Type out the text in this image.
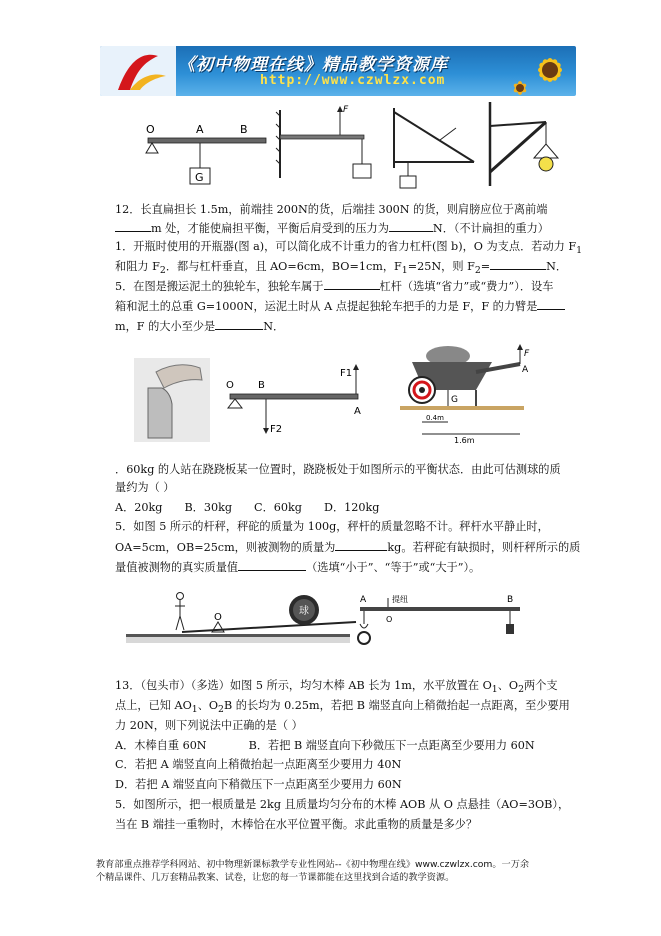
《初中物理在线》精品教学资源库
http://www.czwlzx.com
O	A	B
G
F
12．长直扁担长 1.5m，前端挂 200N的货，后端挂 300N 的货，则肩膀应位于离前端
m 处，才能使扁担平衡，平衡后肩受到的压力为	N．（不计扁担的重力）
1．开瓶时使用的开瓶器(图 a)，可以简化成不计重力的省力杠杆(图 b)，O 为支点．若动力 $F_1$
和阻力 $F_2$．都与杠杆垂直，且 AO=6cm，BO=1cm，$F_1=25N$，则 $F_2=$	N．
5．在图是搬运泥土的独轮车，独轮车属于	杠杆（选填“省力”或“费力”）．设车
箱和泥土的总重 G=1000N，运泥土时从 A 点提起独轮车把手的力是 F，F 的力臂是
m，F 的大小至少是	N．
O B
A
F1
F2
F
A
G
0.4m
1.6m
．60kg 的人站在跷跷板某一位置时，跷跷板处于如图所示的平衡状态．由此可估测球的质
量约为（ ）
A．20kg B．30kg C．60kg D．120kg
5．如图 5 所示的杆秤，秤砣的质量为 100g，秤杆的质量忽略不计。秤杆水平静止时，
OA=5cm，OB=25cm，则被测物的质量为	kg。若秤砣有缺损时，则杆秤所示的质
量值被测物的真实质量值	（选填“小于”、“等于”或“大于”）。
球
O
A	提纽
O
B
13．（包头市）（多选）如图 5 所示，均匀木棒 AB 长为 1m，水平放置在 $O_1$、$O_2$两个支
点上，已知 $AO_1$、$O_2B$ 的长均为 0.25m，若把 B 端竖直向上稍微抬起一点距离，至少要用
力 20N，则下列说法中正确的是（ ）
A．木棒自重 60N	B．若把 B 端竖直向下秒微压下一点距离至少要用力 60N
C．若把 A 端竖直向上稍微抬起一点距离至少要用力 40N
D．若把 A 端竖直向下稍微压下一点距离至少要用力 60N
5．如图所示，把一根质量是 2kg 且质量均匀分布的木棒 AOB 从 O 点悬挂（AO=3OB），
当在 B 端挂一重物时，木棒恰在水平位置平衡。求此重物的质量是多少？
教育部重点推荐学科网站、初中物理新课标教学专业性网站--《初中物理在线》www.czwlzx.com。一万余
个精品课件、几万套精品教案、试卷，让您的每一节课都能在这里找到合适的教学资源。
